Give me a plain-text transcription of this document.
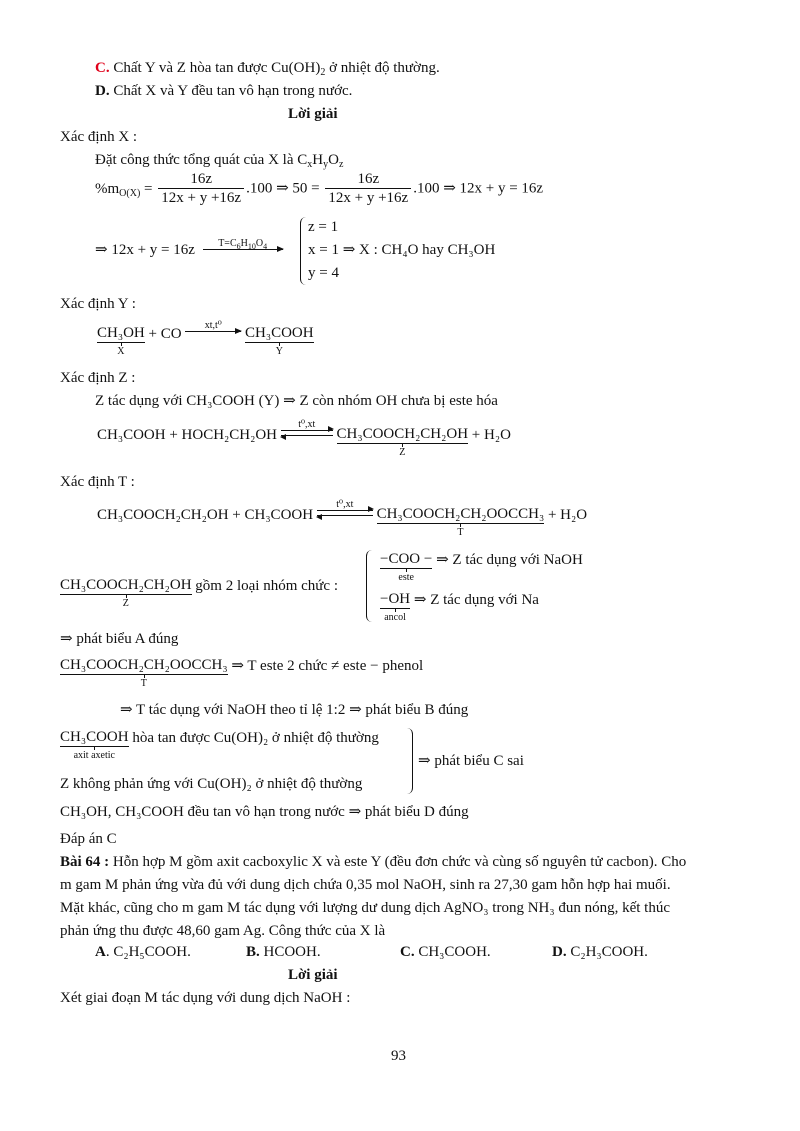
C. Chất Y và Z hòa tan được $Cu(OH)_2$ ở nhiệt độ thường.
D. Chất X và Y đều tan vô hạn trong nước.
Lời giải
Xác định X :
Đặt công thức tổng quát của X là $C_xH_yO_z$
$\%m_{O(X)} = \frac{16z}{12x + y +16z} .100$ ⇒ $50 = \frac{16z}{12x + y +16z} .100$ ⇒ 12x + y = 16z
⇒ 12x + y = 16z	$T=C_6H_{10}O_4$
z = 1
x = 1 ⇒ X : CH₄O hay CH₃OH
y = 4
Xác định Y :
CH₃OH
X
+ CO
xt,t⁰
	CH₃COOH
Y
Xác định Z :
Z tác dụng với CH₃COOH (Y) ⇒ Z còn nhóm OH chưa bị este hóa
CH₃COOH + HOCH₂CH₂OH
t⁰,xt

CH₃COOCH₂CH₂OH
Z
+ H₂O
Xác định T :
CH₃COOCH₂CH₂OH + CH₃COOH
t⁰,xt

CH₃COOCH₂CH₂OOCCH₃
T
+ H₂O
CH₃COOCH₂CH₂OH
Z
gồm 2 loại nhóm chức :
−COO −
este
⇒ Z tác dụng với NaOH
−OH
ancol
⇒ Z tác dụng với Na
⇒ phát biểu A đúng
CH₃COOCH₂CH₂OOCCH₃
T
⇒ T este 2 chức ≠ este − phenol
⇒ T tác dụng với NaOH theo tỉ lệ 1:2 ⇒ phát biểu B đúng
CH₃COOH
axit axetic
hòa tan được Cu(OH)₂ ở nhiệt độ thường
Z không phản ứng với Cu(OH)₂ ở nhiệt độ thường
⇒ phát biểu C sai
CH₃OH, CH₃COOH đều tan vô hạn trong nước ⇒ phát biểu D đúng
Đáp án C
Bài 64 : Hỗn hợp M gồm axit cacboxylic X và este Y (đều đơn chức và cùng số nguyên tử cacbon). Cho
m gam M phản ứng vừa đủ với dung dịch chứa 0,35 mol NaOH, sinh ra 27,30 gam hỗn hợp hai muối.
Mặt khác, cũng cho m gam M tác dụng với lượng dư dung dịch AgNO₃ trong NH₃ đun nóng, kết thúc
phản ứng thu được 48,60 gam Ag. Công thức của X là
A. C₂H₅COOH.	B. HCOOH.	C. CH₃COOH.	D. C₂H₃COOH.
Lời giải
Xét giai đoạn M tác dụng với dung dịch NaOH :
93
